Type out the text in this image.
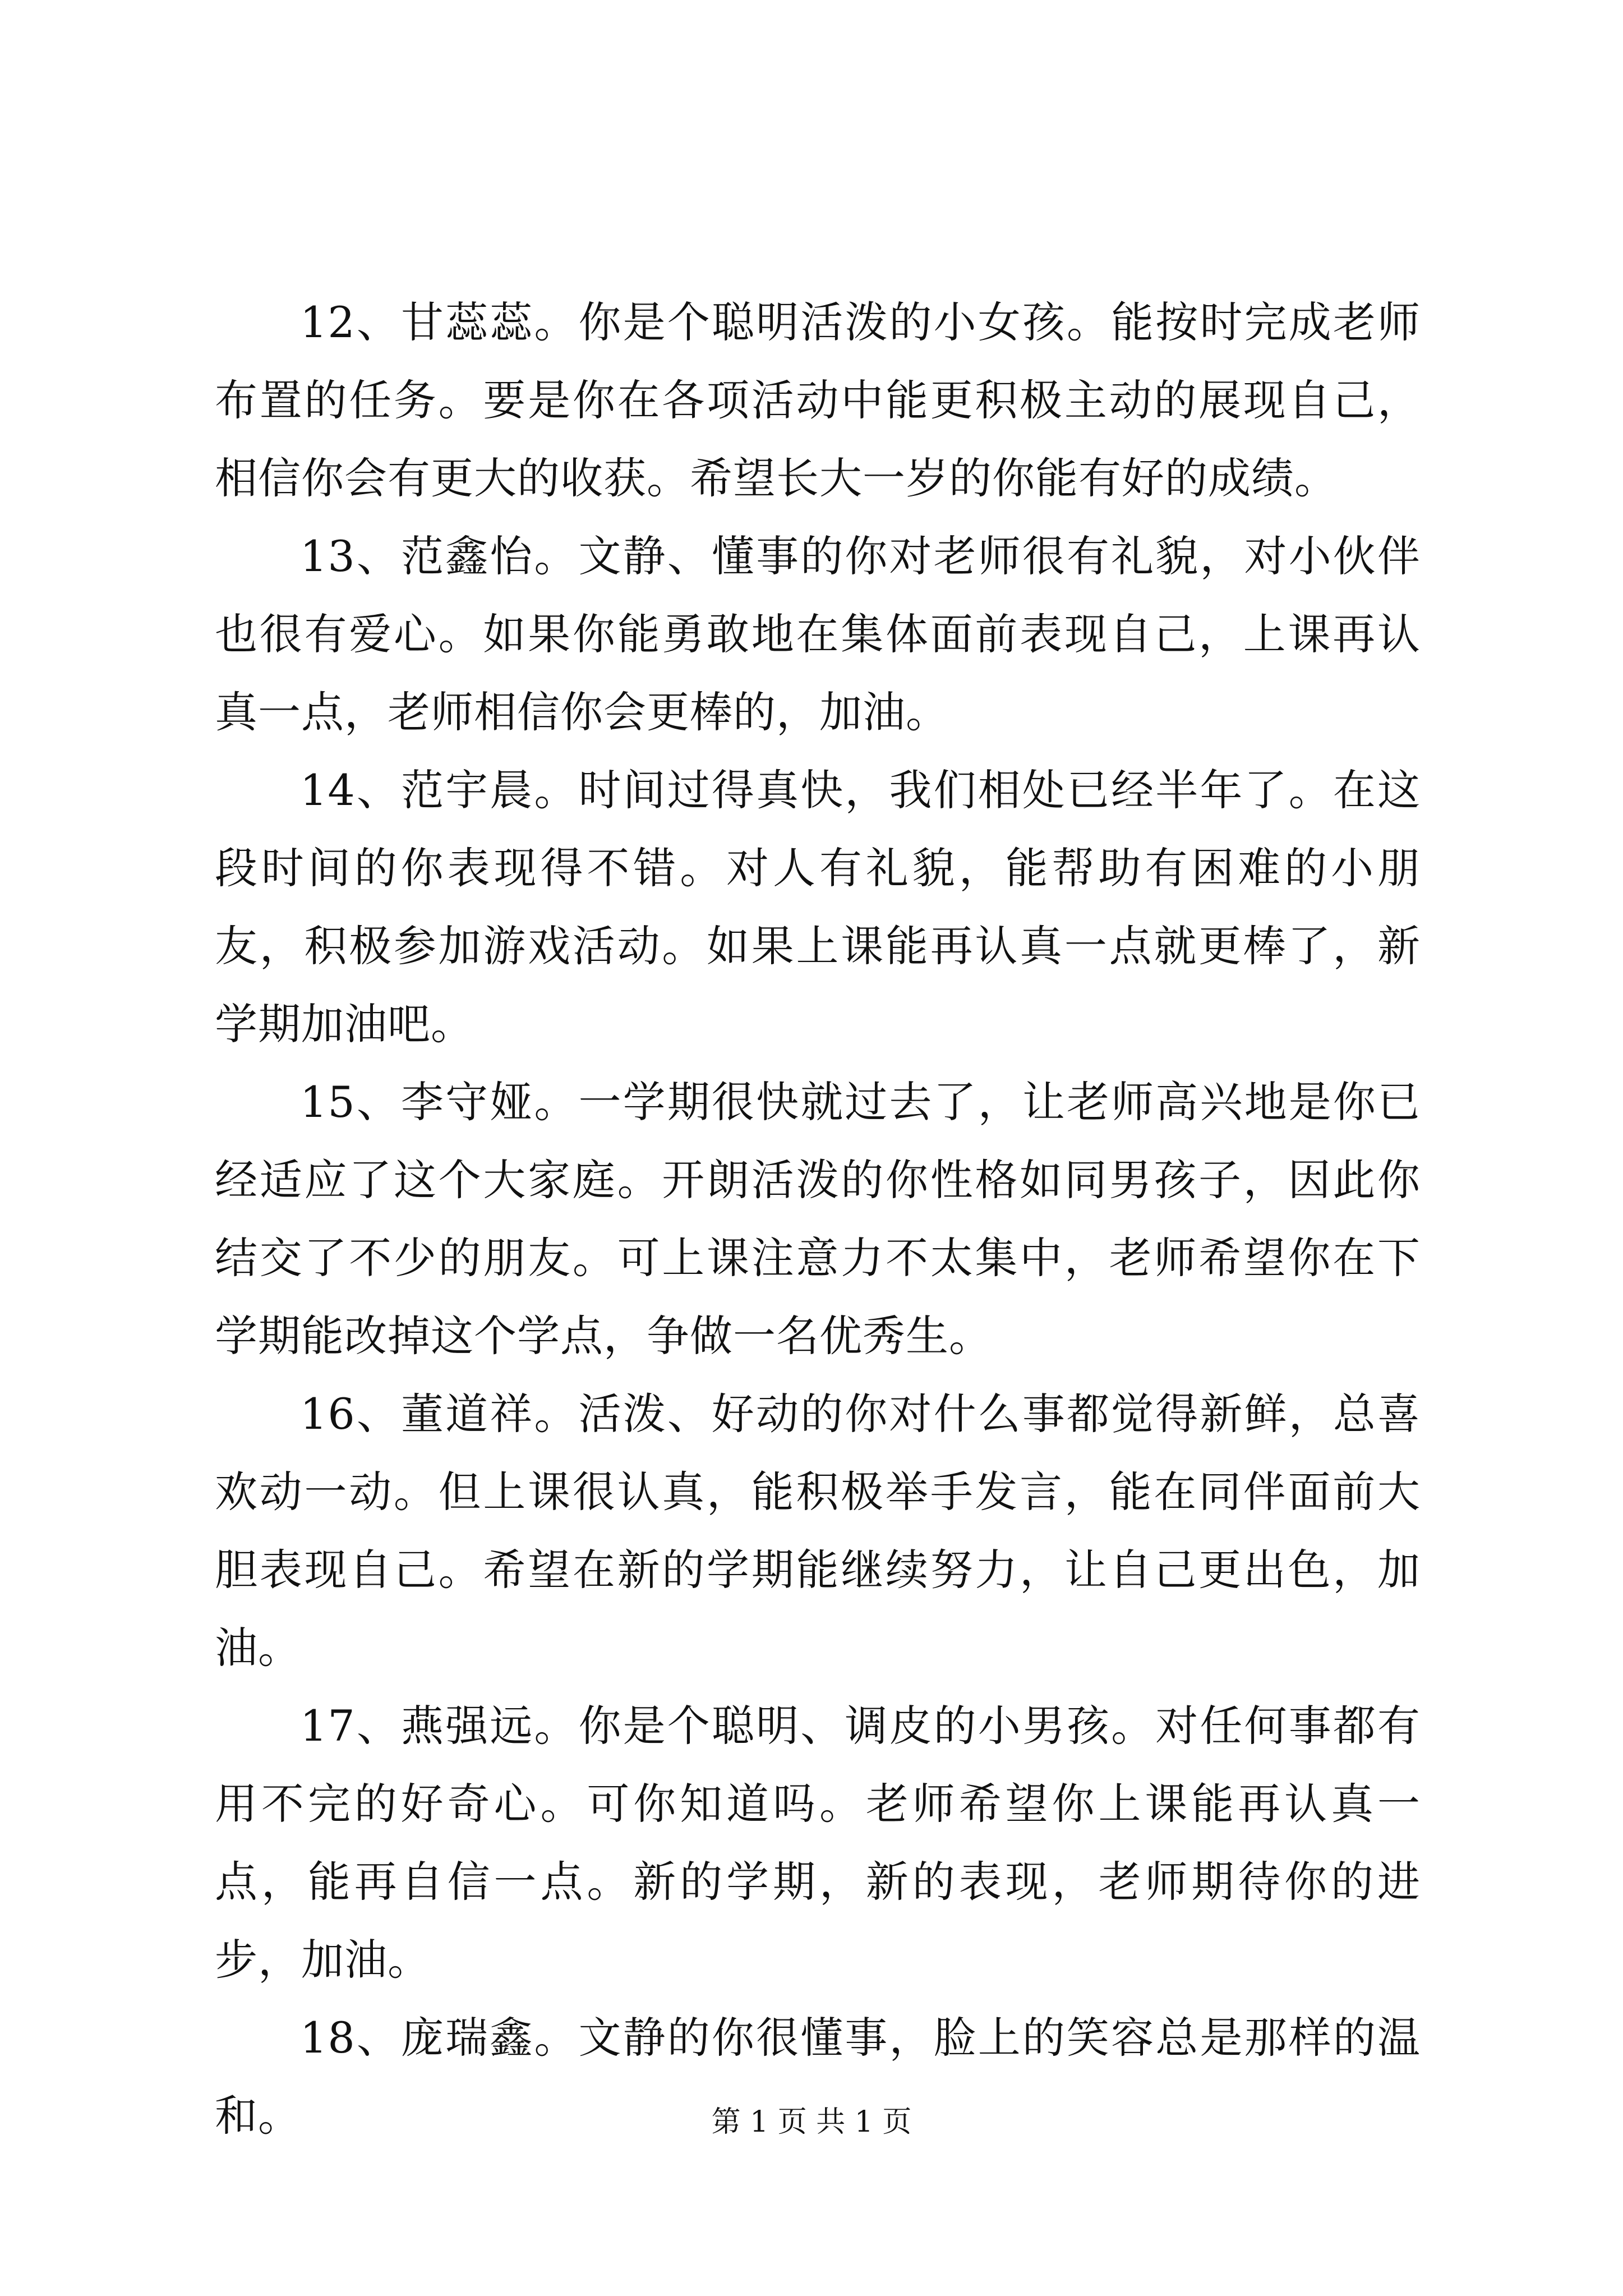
12、甘蕊蕊。你是个聪明活泼的小女孩。能按时完成老师布置的任务。要是你在各项活动中能更积极主动的展现自己，相信你会有更大的收获。希望长大一岁的你能有好的成绩。

13、范鑫怡。文静、懂事的你对老师很有礼貌，对小伙伴也很有爱心。如果你能勇敢地在集体面前表现自己，上课再认真一点，老师相信你会更棒的，加油。

14、范宇晨。时间过得真快，我们相处已经半年了。在这段时间的你表现得不错。对人有礼貌，能帮助有困难的小朋友，积极参加游戏活动。如果上课能再认真一点就更棒了，新学期加油吧。

15、李守娅。一学期很快就过去了，让老师高兴地是你已经适应了这个大家庭。开朗活泼的你性格如同男孩子，因此你结交了不少的朋友。可上课注意力不太集中，老师希望你在下学期能改掉这个学点，争做一名优秀生。

16、董道祥。活泼、好动的你对什么事都觉得新鲜，总喜欢动一动。但上课很认真，能积极举手发言，能在同伴面前大胆表现自己。希望在新的学期能继续努力，让自己更出色，加油。

17、燕强远。你是个聪明、调皮的小男孩。对任何事都有用不完的好奇心。可你知道吗。老师希望你上课能再认真一点，能再自信一点。新的学期，新的表现，老师期待你的进步，加油。

18、庞瑞鑫。文静的你很懂事，脸上的笑容总是那样的温和。	第 1 页 共 1 页
